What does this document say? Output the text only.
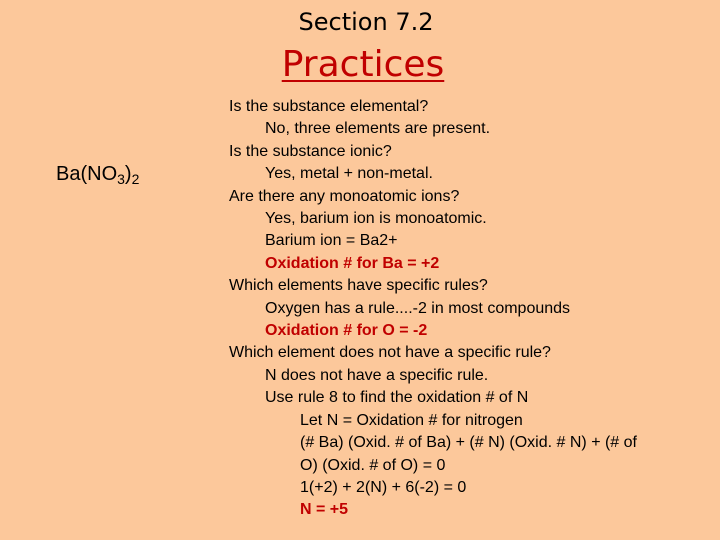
Section 7.2
Practices
$Ba(NO_3)_2$
Is the substance elemental?
No, three elements are present.
Is the substance ionic?
Yes, metal + non-metal.
Are there any monoatomic ions?
Yes, barium ion is monoatomic.
Barium ion = Ba2+
Oxidation # for Ba = +2
Which elements have specific rules?
Oxygen has a rule....-2 in most compounds
Oxidation # for O = -2
Which element does not have a specific rule?
N does not have a specific rule.
Use rule 8 to find the oxidation # of N
Let N = Oxidation # for nitrogen
(# Ba) (Oxid. # of Ba) + (# N) (Oxid. # N) + (# of
O) (Oxid. # of O) = 0
1(+2) + 2(N) + 6(-2) = 0
N = +5
